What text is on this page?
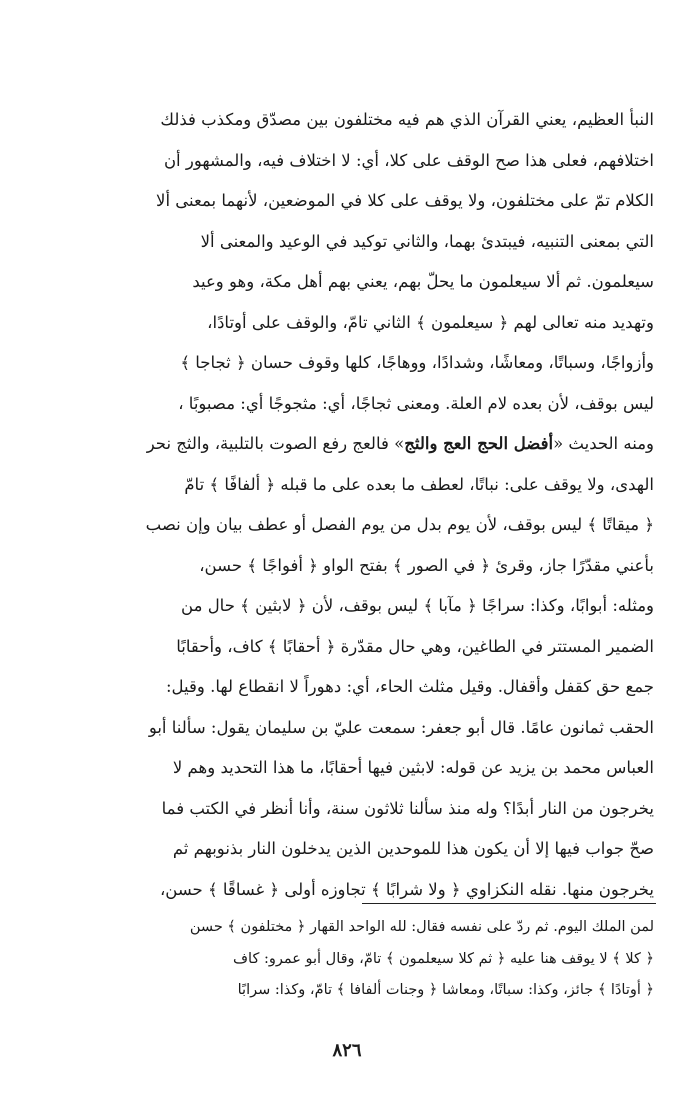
النبأ العظيم، يعني القرآن الذي هم فيه مختلفون بين مصدّق ومكذب فذلك
اختلافهم، فعلى هذا صح الوقف على كلا، أي: لا اختلاف فيه، والمشهور أن
الكلام تمّ على مختلفون، ولا يوقف على كلا في الموضعين، لأنهما بمعنى ألا
التي بمعنى التنبيه، فيبتدئ بهما، والثاني توكيد في الوعيد والمعنى ألا
سيعلمون. ثم ألا سيعلمون ما يحلّ بهم، يعني بهم أهل مكة، وهو وعيد
وتهديد منه تعالى لهم ﴿ سيعلمون ﴾ الثاني تامّ، والوقف على أوتادًا،
وأزواجًا، وسباتًا، ومعاشًا، وشدادًا، ووهاجًا، كلها وقوف حسان ﴿ ثجاجا ﴾
ليس بوقف، لأن بعده لام العلة. ومعنى ثجاجًا، أي: مثجوجًا أي: مصبوبًا ،
ومنه الحديث «أفضل الحج العج والثج» فالعج رفع الصوت بالتلبية، والثج نحر
الهدى، ولا يوقف على: نباتًا، لعطف ما بعده على ما قبله ﴿ ألفافًا ﴾ تامّ
﴿ ميقاتًا ﴾ ليس بوقف، لأن يوم بدل من يوم الفصل أو عطف بيان وإن نصب
بأعني مقدّرًا جاز، وقرئ ﴿ في الصور ﴾ بفتح الواو ﴿ أفواجًا ﴾ حسن،
ومثله: أبوابًا، وكذا: سراجًا ﴿ مآبا ﴾ ليس بوقف، لأن ﴿ لابثين ﴾ حال من
الضمير المستتر في الطاغين، وهي حال مقدّرة ﴿ أحقابًا ﴾ كاف، وأحقابًا
جمع حق كقفل وأقفال. وقيل مثلث الحاء، أي: دهوراً لا انقطاع لها. وقيل:
الحقب ثمانون عامًا. قال أبو جعفر: سمعت عليّ بن سليمان يقول: سألنا أبو
العباس محمد بن يزيد عن قوله: لابثين فيها أحقابًا، ما هذا التحديد وهم لا
يخرجون من النار أبدًا؟ وله منذ سألنا ثلاثون سنة، وأنا أنظر في الكتب فما
صحّ جواب فيها إلا أن يكون هذا للموحدين الذين يدخلون النار بذنوبهم ثم
يخرجون منها. نقله النكزاوي ﴿ ولا شرابًا ﴾ تجاوزه أولى ﴿ غساقًا ﴾ حسن،
لمن الملك اليوم. ثم ردّ على نفسه فقال: لله الواحد القهار ﴿ مختلفون ﴾ حسن
﴿ كلا ﴾ لا يوقف هنا عليه ﴿ ثم كلا سيعلمون ﴾ تامّ، وقال أبو عمرو: كاف
﴿ أوتادًا ﴾ جائز، وكذا: سباتًا، ومعاشا ﴿ وجنات ألفافا ﴾ تامّ، وكذا: سرابًا
٨٢٦
